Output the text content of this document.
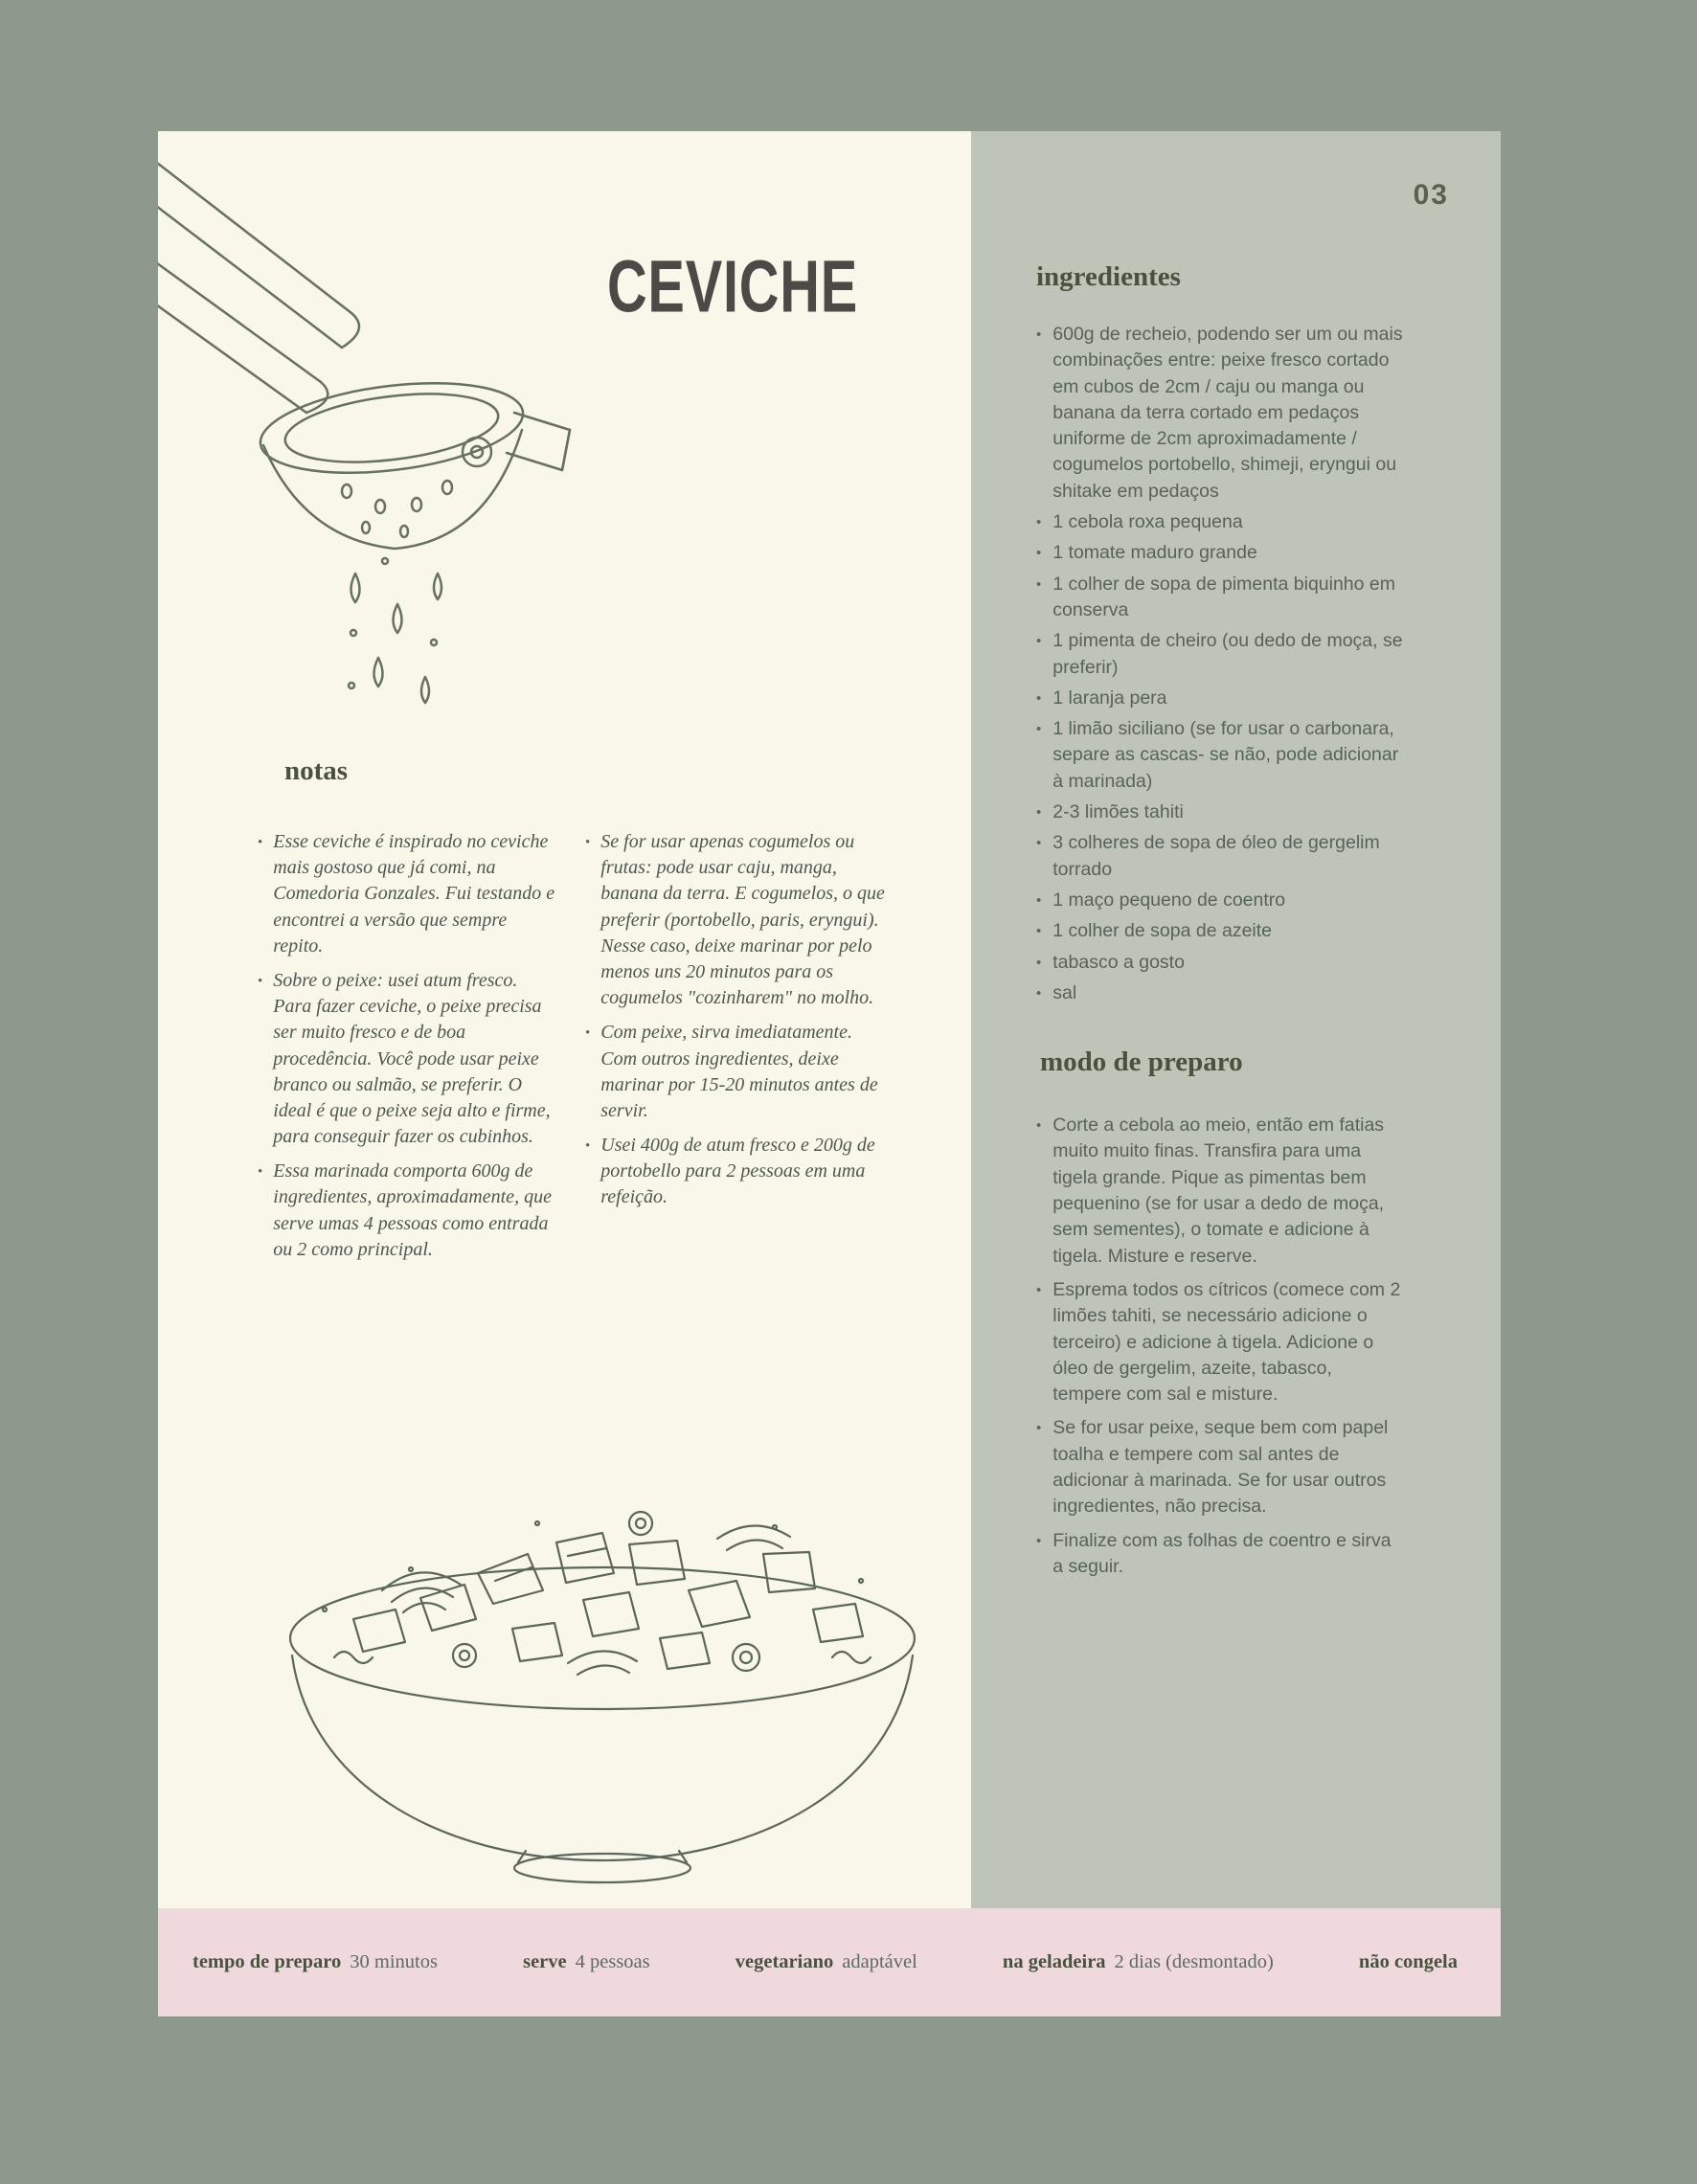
CEVICHE
notas
• Esse ceviche é inspirado no ceviche mais gostoso que já comi, na Comedoria Gonzales. Fui testando e encontrei a versão que sempre repito.
• Sobre o peixe: usei atum fresco. Para fazer ceviche, o peixe precisa ser muito fresco e de boa procedência. Você pode usar peixe branco ou salmão, se preferir. O ideal é que o peixe seja alto e firme, para conseguir fazer os cubinhos.
• Essa marinada comporta 600g de ingredientes, aproximadamente, que serve umas 4 pessoas como entrada ou 2 como principal.
• Se for usar apenas cogumelos ou frutas: pode usar caju, manga, banana da terra. E cogumelos, o que preferir (portobello, paris, eryngui). Nesse caso, deixe marinar por pelo menos uns 20 minutos para os cogumelos "cozinharem" no molho.
• Com peixe, sirva imediatamente. Com outros ingredientes, deixe marinar por 15-20 minutos antes de servir.
• Usei 400g de atum fresco e 200g de portobello para 2 pessoas em uma refeição.
03
ingredientes
• 600g de recheio, podendo ser um ou mais combinações entre: peixe fresco cortado em cubos de 2cm / caju ou manga ou banana da terra cortado em pedaços uniforme de 2cm aproximadamente / cogumelos portobello, shimeji, eryngui ou shitake em pedaços
• 1 cebola roxa pequena
• 1 tomate maduro grande
• 1 colher de sopa de pimenta biquinho em conserva
• 1 pimenta de cheiro (ou dedo de moça, se preferir)
• 1 laranja pera
• 1 limão siciliano (se for usar o carbonara, separe as cascas- se não, pode adicionar à marinada)
• 2-3 limões tahiti
• 3 colheres de sopa de óleo de gergelim torrado
• 1 maço pequeno de coentro
• 1 colher de sopa de azeite
• tabasco a gosto
• sal
modo de preparo
• Corte a cebola ao meio, então em fatias muito muito finas. Transfira para uma tigela grande. Pique as pimentas bem pequenino (se for usar a dedo de moça, sem sementes), o tomate e adicione à tigela. Misture e reserve.
• Esprema todos os cítricos (comece com 2 limões tahiti, se necessário adicione o terceiro) e adicione à tigela. Adicione o óleo de gergelim, azeite, tabasco, tempere com sal e misture.
• Se for usar peixe, seque bem com papel toalha e tempere com sal antes de adicionar à marinada. Se for usar outros ingredientes, não precisa.
• Finalize com as folhas de coentro e sirva a seguir.
tempo de preparo 30 minutos	serve 4 pessoas	vegetariano adaptável	na geladeira 2 dias (desmontado)	não congela
